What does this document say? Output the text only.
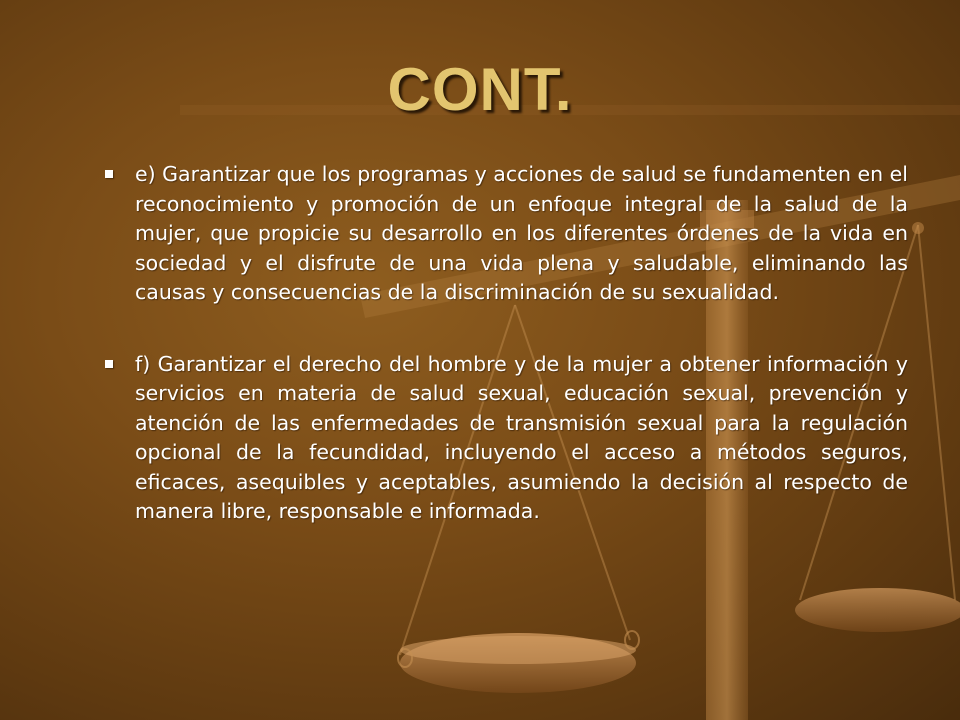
CONT.
e) Garantizar que los programas y acciones de salud se fundamenten en el reconocimiento y promoción de un enfoque integral de la salud de la mujer, que propicie su desarrollo en los diferentes órdenes de la vida en sociedad y el disfrute de una vida plena y saludable, eliminando las causas y consecuencias de la discriminación de su sexualidad.
f) Garantizar el derecho del hombre y de la mujer a obtener información y servicios en materia de salud sexual, educación sexual, prevención y atención de las enfermedades de transmisión sexual para la regulación opcional de la fecundidad, incluyendo el acceso a métodos seguros, eficaces, asequibles y aceptables, asumiendo la decisión al respecto de manera libre, responsable e informada.
